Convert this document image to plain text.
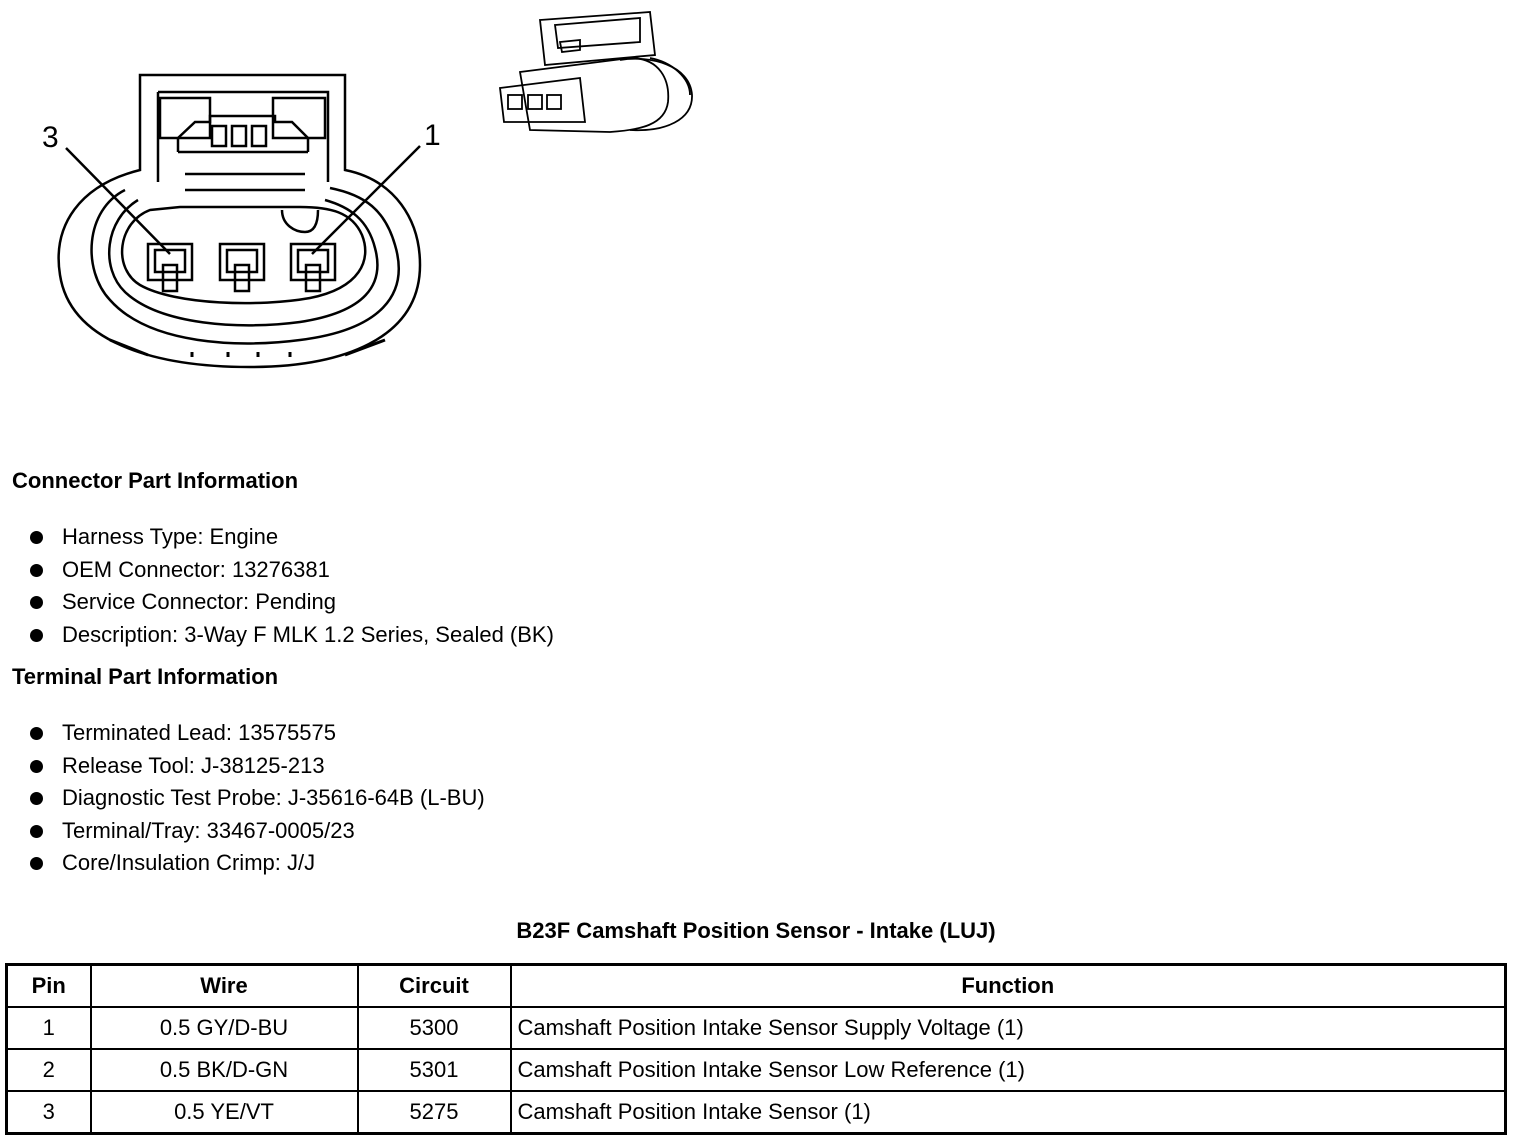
3	1
Connector Part Information
Harness Type: Engine
OEM Connector: 13276381
Service Connector: Pending
Description: 3-Way F MLK 1.2 Series, Sealed (BK)
Terminal Part Information
Terminated Lead: 13575575
Release Tool: J-38125-213
Diagnostic Test Probe: J-35616-64B (L-BU)
Terminal/Tray: 33467-0005/23
Core/Insulation Crimp: J/J
B23F Camshaft Position Sensor - Intake (LUJ)
Pin	Wire	Circuit	Function
1	0.5 GY/D-BU	5300	Camshaft Position Intake Sensor Supply Voltage (1)
2	0.5 BK/D-GN	5301	Camshaft Position Intake Sensor Low Reference (1)
3	0.5 YE/VT	5275	Camshaft Position Intake Sensor (1)
